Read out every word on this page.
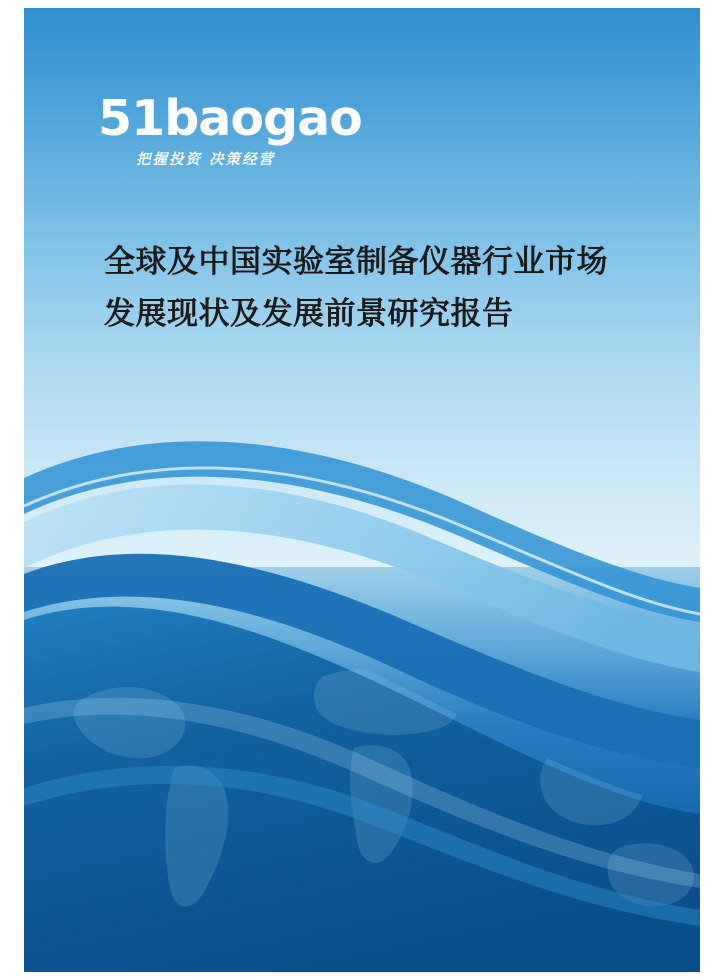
51baogao
把握投资 决策经营
全球及中国实验室制备仪器行业市场
发展现状及发展前景研究报告
